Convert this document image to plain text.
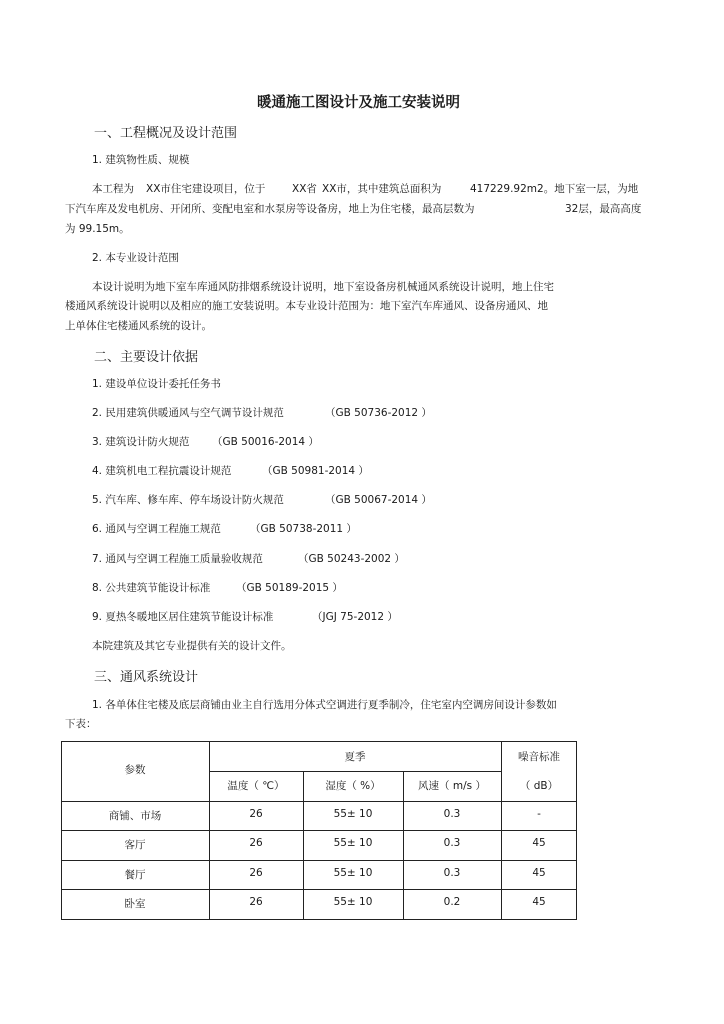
暖通施工图设计及施工安装说明
一、工程概况及设计范围
1. 建筑物性质、规模
本工程为 XX市住宅建设项目，位于	XX省 XX市，其中建筑总面积为	417229.92m2。地下室一层，为地
下汽车库及发电机房、开闭所、变配电室和水泵房等设备房，地上为住宅楼，最高层数为	32层，最高高度
为 99.15m。
2. 本专业设计范围
本设计说明为地下室车库通风防排烟系统设计说明，地下室设备房机械通风系统设计说明，地上住宅
楼通风系统设计说明以及相应的施工安装说明。本专业设计范围为：地下室汽车库通风、设备房通风、地
上单体住宅楼通风系统的设计。
二、主要设计依据
1. 建设单位设计委托任务书
2. 民用建筑供暖通风与空气调节设计规范	（GB 50736-2012 ）
3. 建筑设计防火规范 （GB 50016-2014 ）
4. 建筑机电工程抗震设计规范	（GB 50981-2014 ）
5. 汽车库、修车库、停车场设计防火规范	（GB 50067-2014 ）
6. 通风与空调工程施工规范	（GB 50738-2011 ）
7. 通风与空调工程施工质量验收规范	（GB 50243-2002 ）
8. 公共建筑节能设计标准 （GB 50189-2015 ）
9. 夏热冬暖地区居住建筑节能设计标准	（JGJ 75-2012 ）
本院建筑及其它专业提供有关的设计文件。
三、通风系统设计
1. 各单体住宅楼及底层商铺由业主自行选用分体式空调进行夏季制冷，住宅室内空调房间设计参数如
下表：
参数
夏季	噪音标准
（ dB）
温度（ ℃）	湿度（ %）	风速（ m/s ）
商铺、市场	26	55± 10	0.3	-
客厅	26	55± 10	0.3	45
餐厅	26	55± 10	0.3	45
卧室	26	55± 10	0.2	45
